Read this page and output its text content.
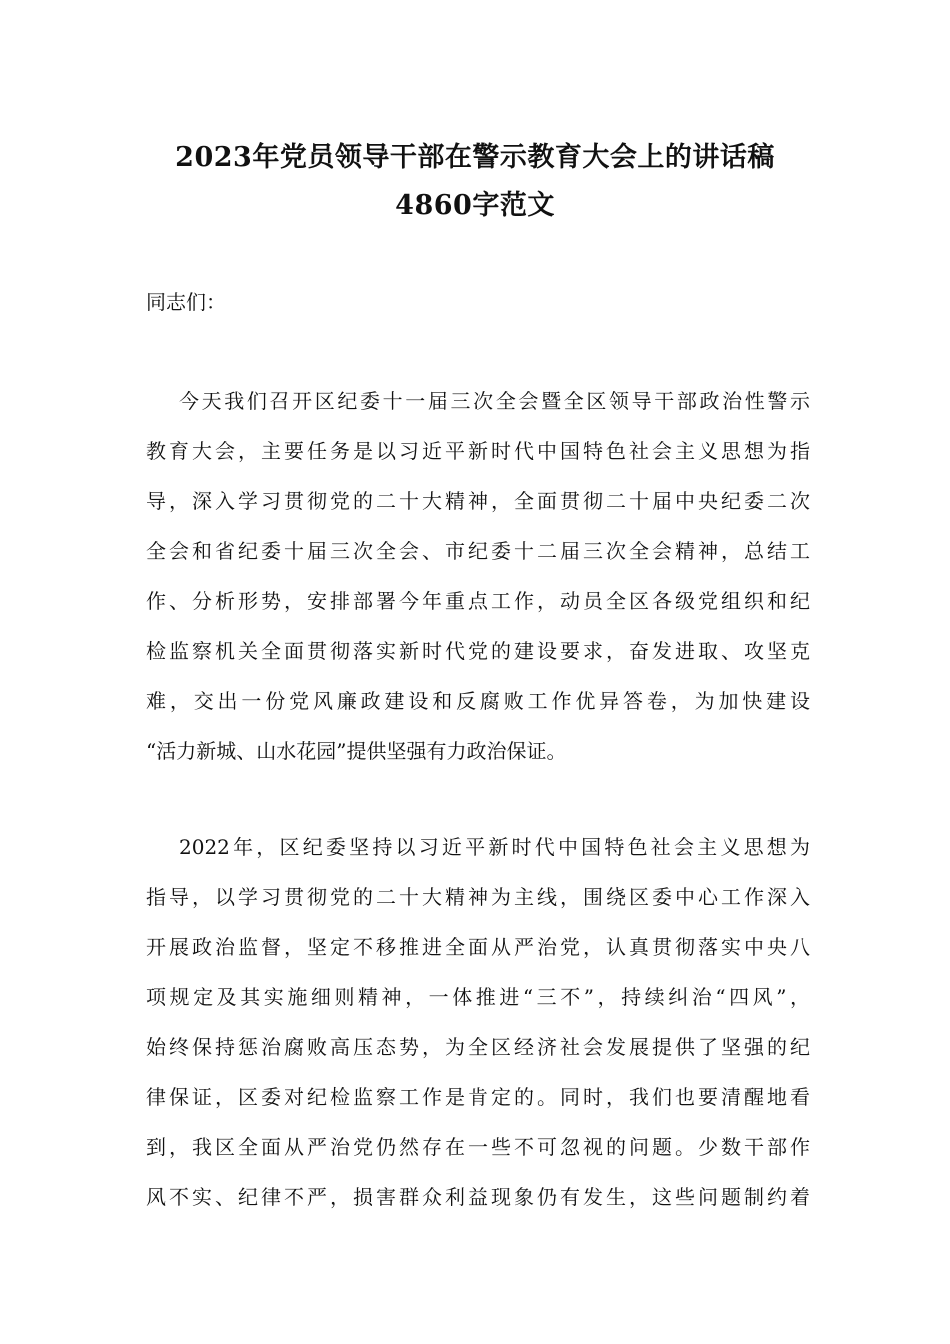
2023年党员领导干部在警示教育大会上的讲话稿
4860字范文
同志们：
今天我们召开区纪委十一届三次全会暨全区领导干部政治性警示
教育大会，主要任务是以习近平新时代中国特色社会主义思想为指
导，深入学习贯彻党的二十大精神，全面贯彻二十届中央纪委二次
全会和省纪委十届三次全会、市纪委十二届三次全会精神，总结工
作、分析形势，安排部署今年重点工作，动员全区各级党组织和纪
检监察机关全面贯彻落实新时代党的建设要求，奋发进取、攻坚克
难，交出一份党风廉政建设和反腐败工作优异答卷，为加快建设
“活力新城、山水花园”提供坚强有力政治保证。
2022年，区纪委坚持以习近平新时代中国特色社会主义思想为
指导，以学习贯彻党的二十大精神为主线，围绕区委中心工作深入
开展政治监督，坚定不移推进全面从严治党，认真贯彻落实中央八
项规定及其实施细则精神，一体推进“三不”，持续纠治“四风”，
始终保持惩治腐败高压态势，为全区经济社会发展提供了坚强的纪
律保证，区委对纪检监察工作是肯定的。同时，我们也要清醒地看
到，我区全面从严治党仍然存在一些不可忽视的问题。少数干部作
风不实、纪律不严，损害群众利益现象仍有发生，这些问题制约着
